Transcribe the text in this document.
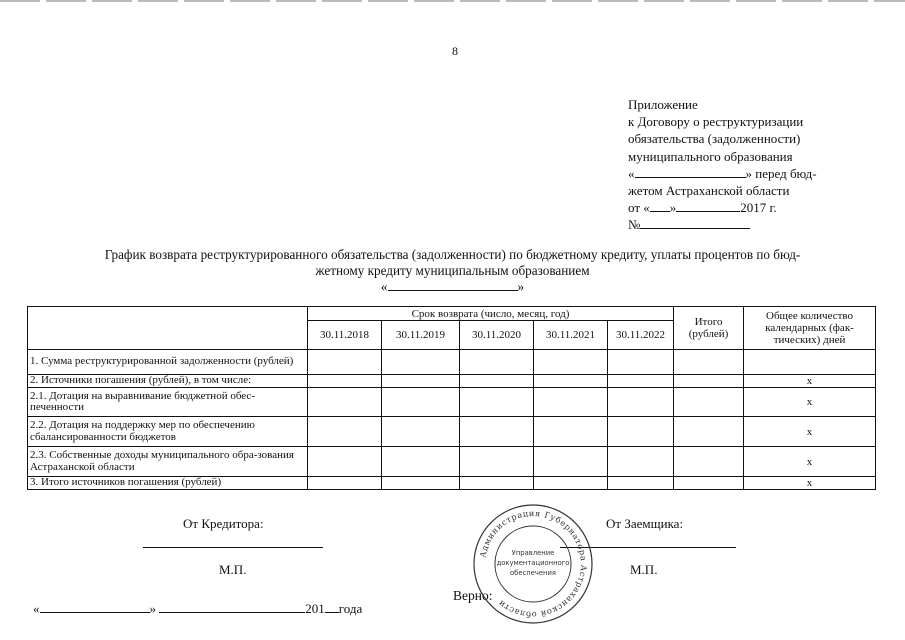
8
Приложение
к Договору о реструктуризации
обязательства (задолженности)
муниципального образования
«	» перед бюд-
жетом Астраханской области
от « »	2017 г.
№
График возврата реструктурированного обязательства (задолженности) по бюджетному кредиту, уплаты процентов по бюд-
жетному кредиту муниципальным образованием
«	»
	Срок возврата (число, месяц, год)					Итого (рублей)	Общее количество календарных (фак-тических) дней
	30.11.2018	30.11.2019	30.11.2020	30.11.2021	30.11.2022		
1. Сумма реструктурированной задолженности (рублей)							
2. Источники погашения (рублей), в том числе:							x
2.1. Дотация на выравнивание бюджетной обес-печенности							x
2.2. Дотация на поддержку мер по обеспечению сбалансированности бюджетов							x
2.3. Собственные доходы муниципального обра-зования Астраханской области							x
3. Итого источников погашения (рублей)							x
От Кредитора:
М.П.
От Заемщика:
М.П.
«	»	201 года
Верно:
Администрация Губернатора Астраханской области
Управление
документационного
обеспечения
